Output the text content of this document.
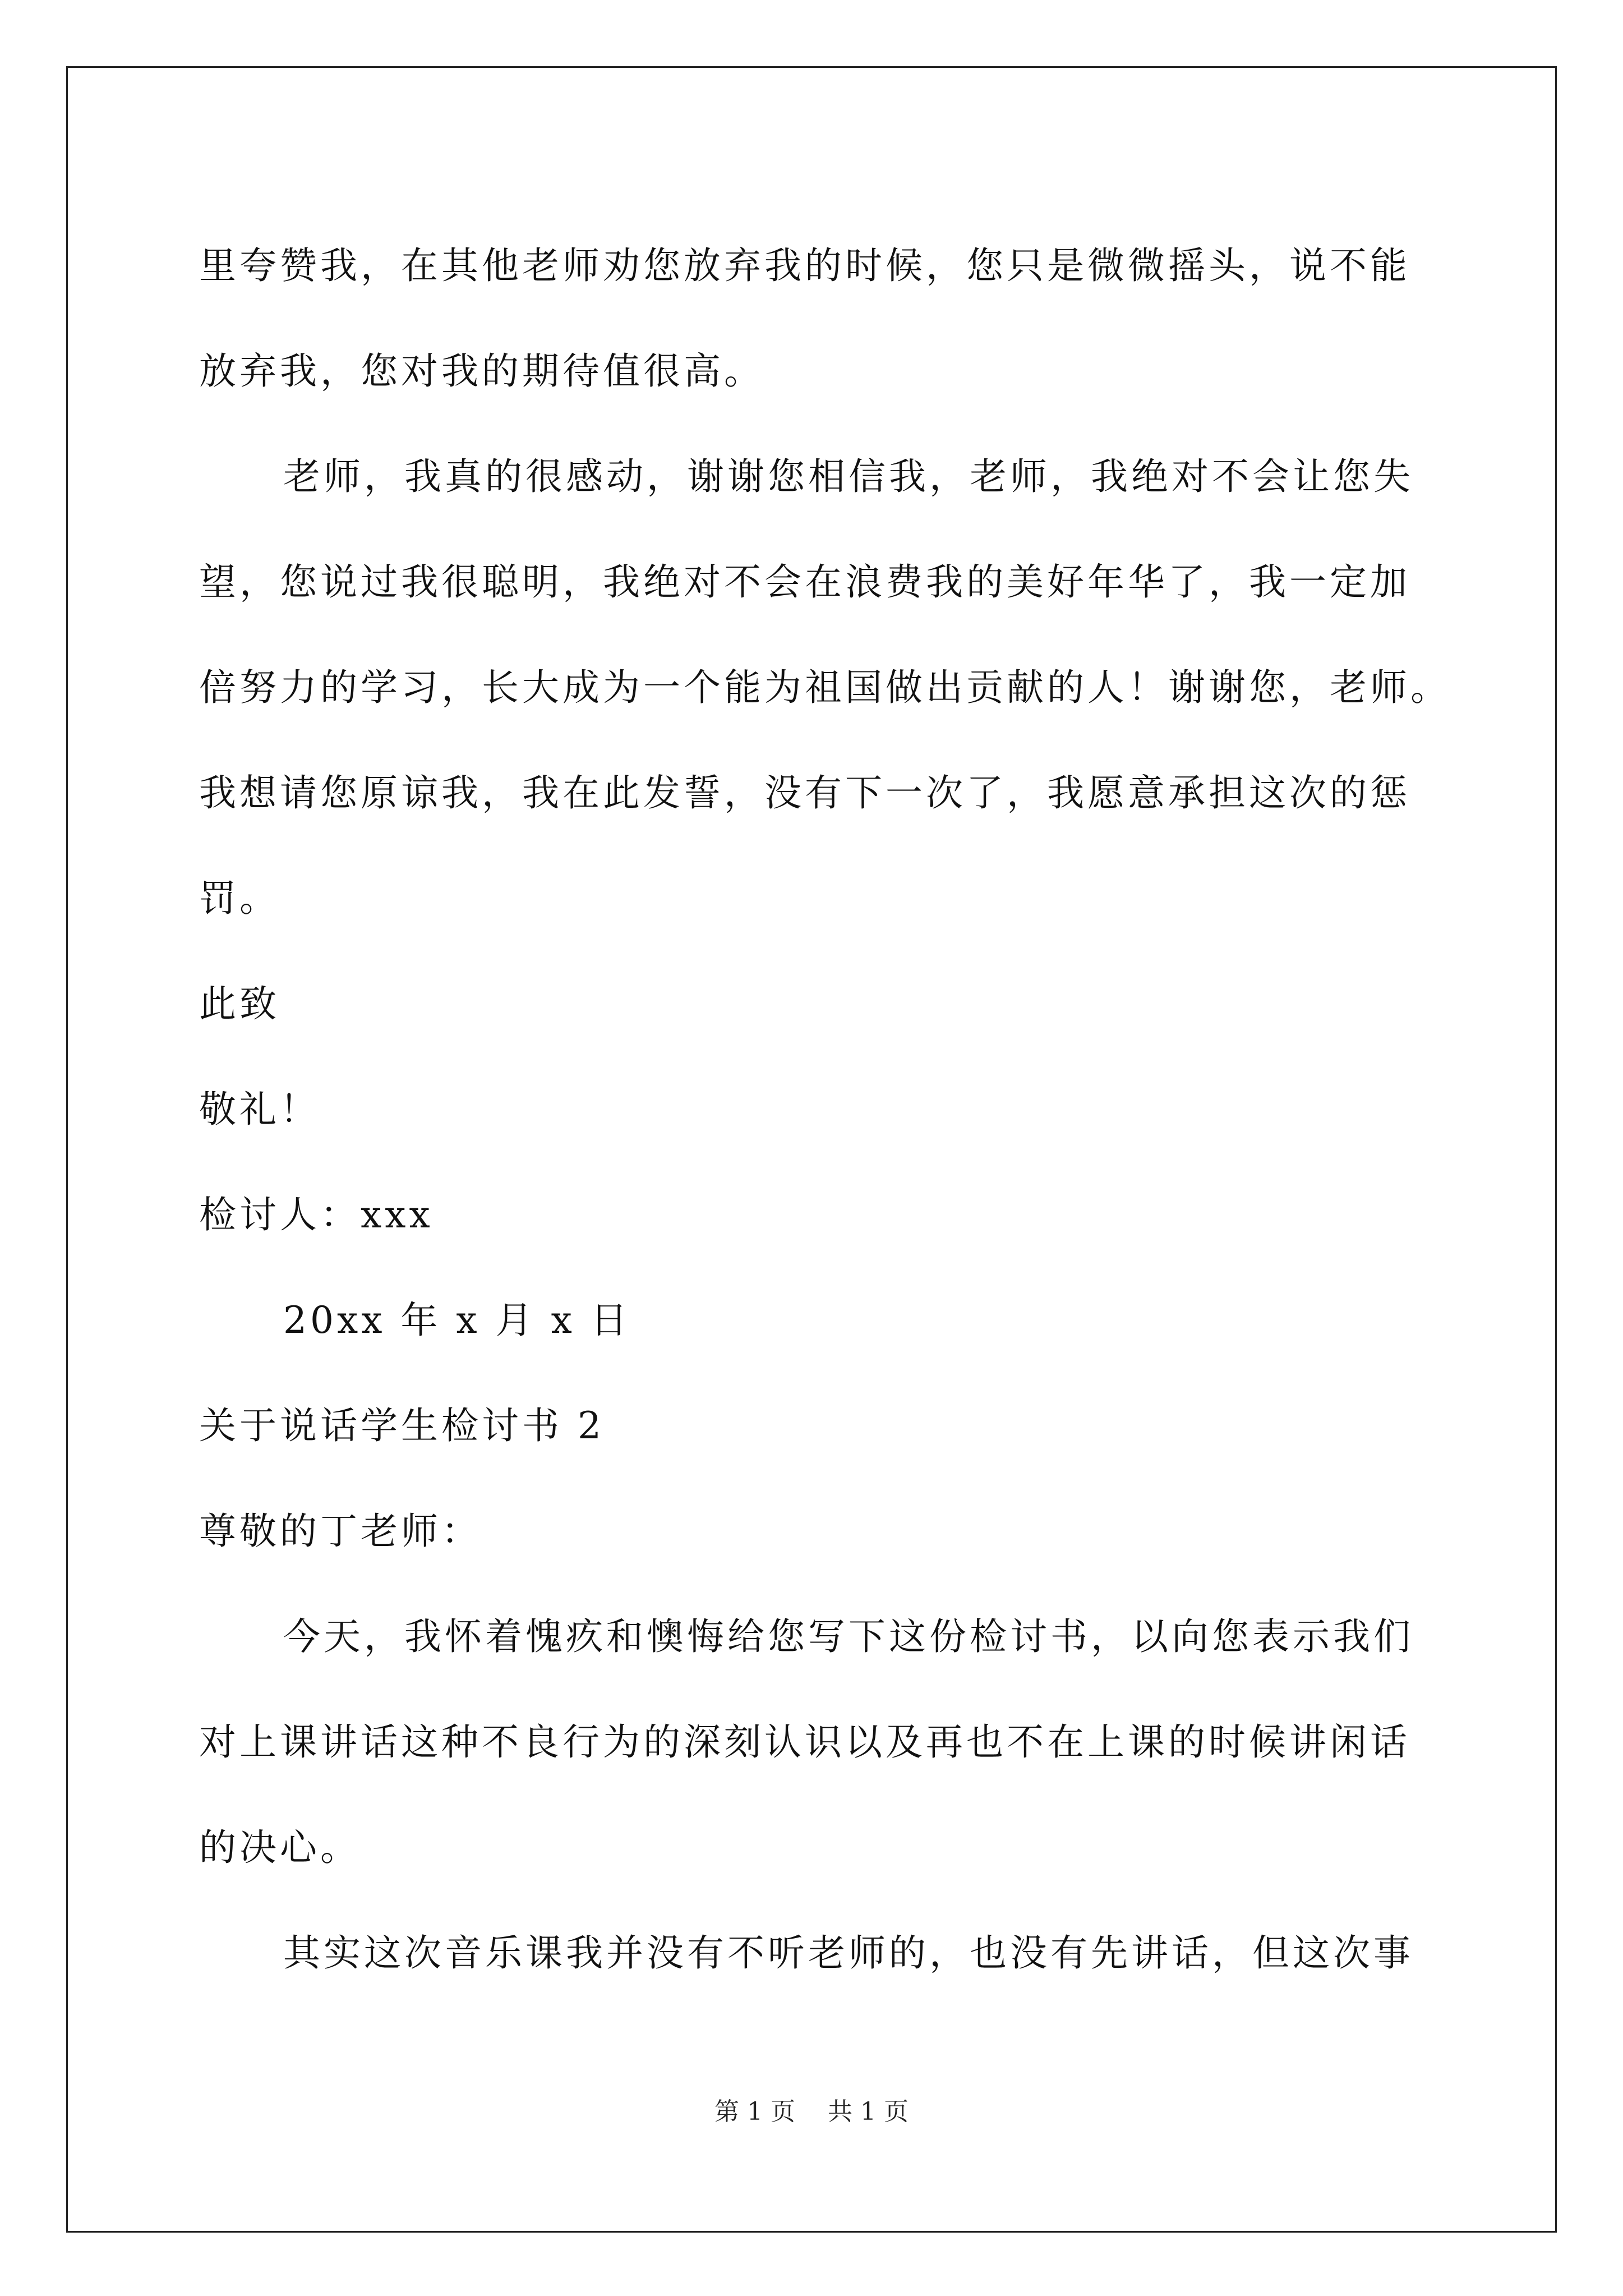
里夸赞我，在其他老师劝您放弃我的时候，您只是微微摇头，说不能

放弃我，您对我的期待值很高。

老师，我真的很感动，谢谢您相信我，老师，我绝对不会让您失

望，您说过我很聪明，我绝对不会在浪费我的美好年华了，我一定加

倍努力的学习，长大成为一个能为祖国做出贡献的人！谢谢您，老师。

我想请您原谅我，我在此发誓，没有下一次了，我愿意承担这次的惩

罚。

此致

敬礼！

检讨人：xxx

20xx 年 x 月 x 日

关于说话学生检讨书 2

尊敬的丁老师：

今天，我怀着愧疚和懊悔给您写下这份检讨书，以向您表示我们

对上课讲话这种不良行为的深刻认识以及再也不在上课的时候讲闲话

的决心。

其实这次音乐课我并没有不听老师的，也没有先讲话，但这次事

第 1 页 共 1 页
